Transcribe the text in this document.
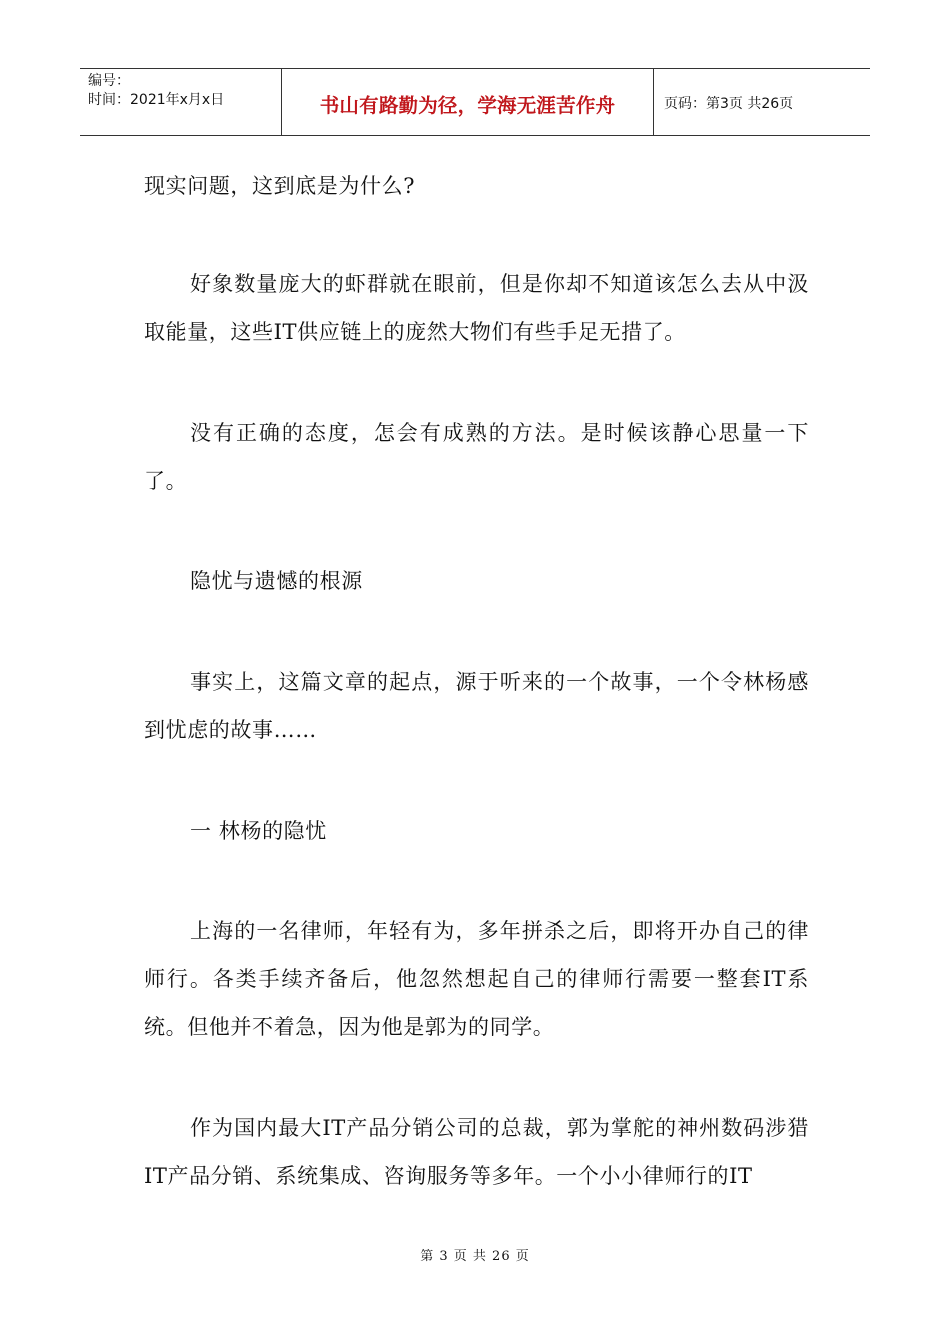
编号：
时间：2021年x月x日	书山有路勤为径，学海无涯苦作舟	页码：第3页 共26页

现实问题，这到底是为什么?

好象数量庞大的虾群就在眼前，但是你却不知道该怎么去从中汲取能量，这些IT供应链上的庞然大物们有些手足无措了。

没有正确的态度，怎会有成熟的方法。是时候该静心思量一下了。

隐忧与遗憾的根源

事实上，这篇文章的起点，源于听来的一个故事，一个令林杨感到忧虑的故事……

一 林杨的隐忧

上海的一名律师，年轻有为，多年拼杀之后，即将开办自己的律师行。各类手续齐备后，他忽然想起自己的律师行需要一整套IT系统。但他并不着急，因为他是郭为的同学。

作为国内最大IT产品分销公司的总裁，郭为掌舵的神州数码涉猎IT产品分销、系统集成、咨询服务等多年。一个小小律师行的IT

第 3 页 共 26 页
